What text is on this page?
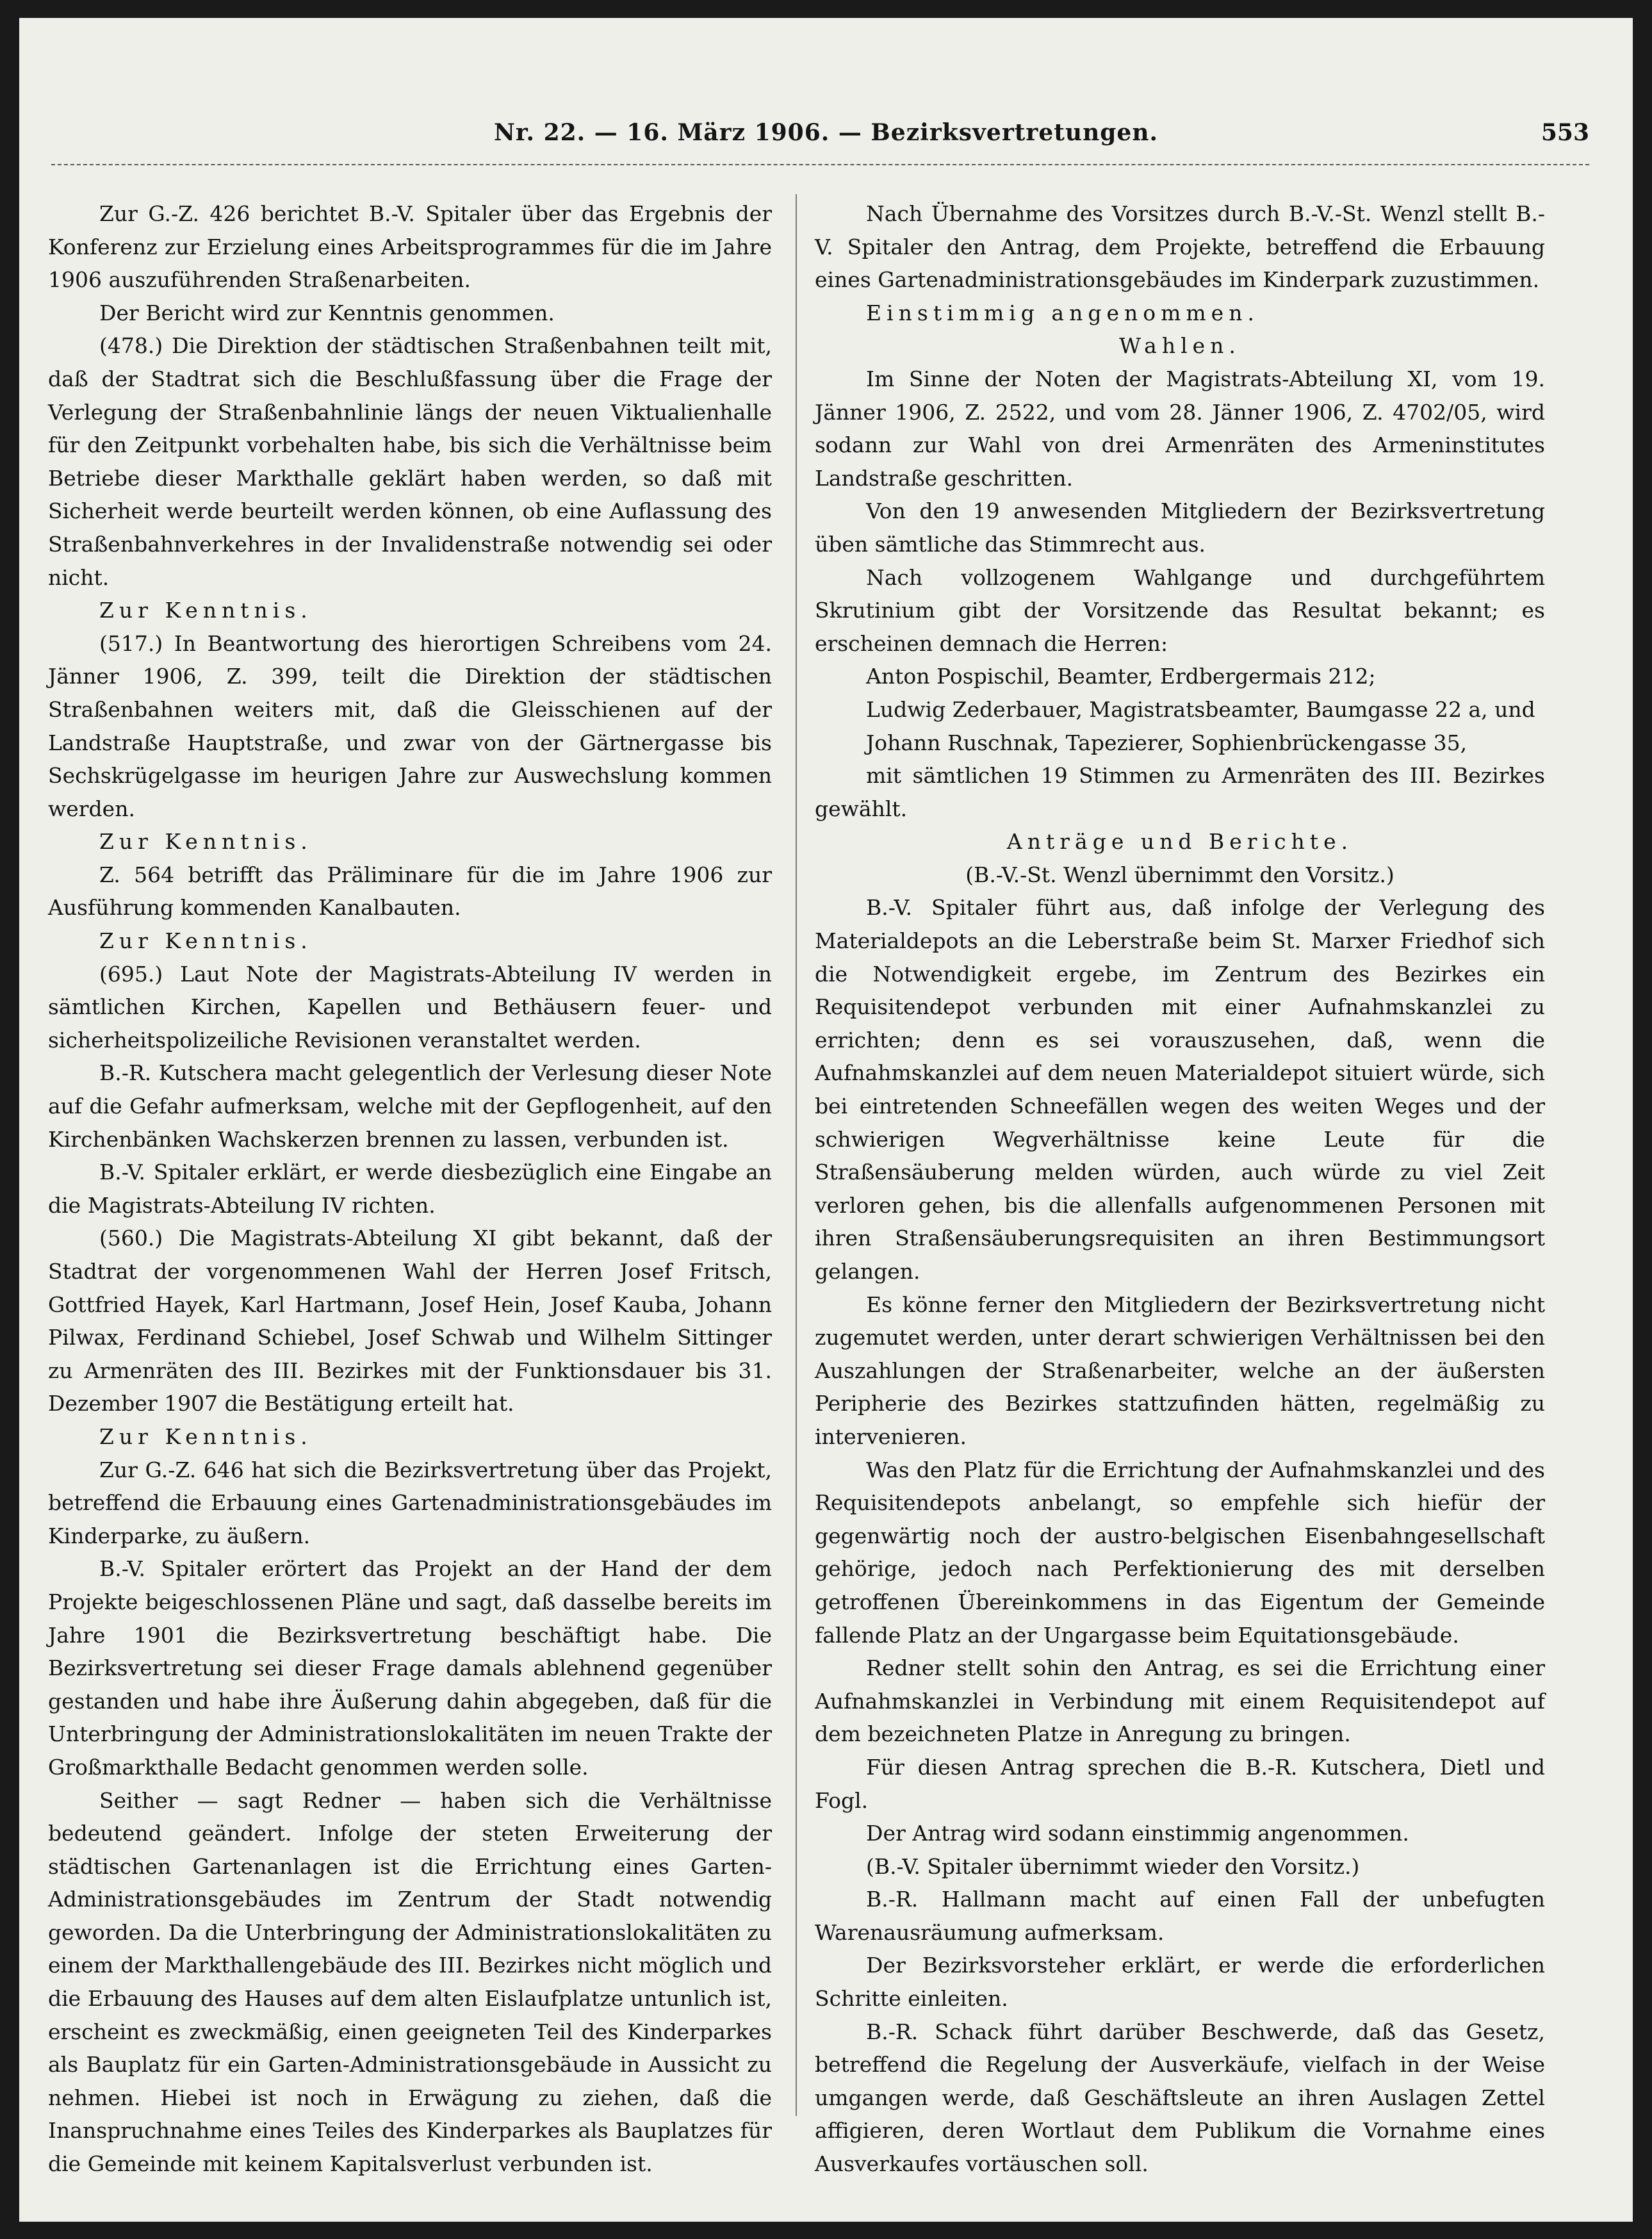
Nr. 22. — 16. März 1906. — Bezirksvertretungen.	553

Zur G.-Z. 426 berichtet B.-V. Spitaler über das Ergebnis der Konferenz zur Erzielung eines Arbeitsprogrammes für die im Jahre 1906 auszuführenden Straßenarbeiten.

Der Bericht wird zur Kenntnis genommen.

(478.) Die Direktion der städtischen Straßenbahnen teilt mit, daß der Stadtrat sich die Beschlußfassung über die Frage der Verlegung der Straßenbahnlinie längs der neuen Viktualienhalle für den Zeitpunkt vorbehalten habe, bis sich die Verhältnisse beim Betriebe dieser Markthalle geklärt haben werden, so daß mit Sicherheit werde beurteilt werden können, ob eine Auflassung des Straßenbahnverkehres in der Invalidenstraße notwendig sei oder nicht.

Zur Kenntnis.

(517.) In Beantwortung des hierortigen Schreibens vom 24. Jänner 1906, Z. 399, teilt die Direktion der städtischen Straßenbahnen weiters mit, daß die Gleisschienen auf der Landstraße Hauptstraße, und zwar von der Gärtnergasse bis Sechskrügelgasse im heurigen Jahre zur Auswechslung kommen werden.

Zur Kenntnis.

Z. 564 betrifft das Präliminare für die im Jahre 1906 zur Ausführung kommenden Kanalbauten.

Zur Kenntnis.

(695.) Laut Note der Magistrats-Abteilung IV werden in sämtlichen Kirchen, Kapellen und Bethäusern feuer- und sicherheitspolizeiliche Revisionen veranstaltet werden.

B.-R. Kutschera macht gelegentlich der Verlesung dieser Note auf die Gefahr aufmerksam, welche mit der Gepflogenheit, auf den Kirchenbänken Wachskerzen brennen zu lassen, verbunden ist.

B.-V. Spitaler erklärt, er werde diesbezüglich eine Eingabe an die Magistrats-Abteilung IV richten.

(560.) Die Magistrats-Abteilung XI gibt bekannt, daß der Stadtrat der vorgenommenen Wahl der Herren Josef Fritsch, Gottfried Hayek, Karl Hartmann, Josef Hein, Josef Kauba, Johann Pilwax, Ferdinand Schiebel, Josef Schwab und Wilhelm Sittinger zu Armenräten des III. Bezirkes mit der Funktionsdauer bis 31. Dezember 1907 die Bestätigung erteilt hat.

Zur Kenntnis.

Zur G.-Z. 646 hat sich die Bezirksvertretung über das Projekt, betreffend die Erbauung eines Gartenadministrationsgebäudes im Kinderparke, zu äußern.

B.-V. Spitaler erörtert das Projekt an der Hand der dem Projekte beigeschlossenen Pläne und sagt, daß dasselbe bereits im Jahre 1901 die Bezirksvertretung beschäftigt habe. Die Bezirksvertretung sei dieser Frage damals ablehnend gegenüber gestanden und habe ihre Äußerung dahin abgegeben, daß für die Unterbringung der Administrationslokalitäten im neuen Trakte der Großmarkthalle Bedacht genommen werden solle.

Seither — sagt Redner — haben sich die Verhältnisse bedeutend geändert. Infolge der steten Erweiterung der städtischen Gartenanlagen ist die Errichtung eines Garten-Administrationsgebäudes im Zentrum der Stadt notwendig geworden. Da die Unterbringung der Administrationslokalitäten zu einem der Markthallengebäude des III. Bezirkes nicht möglich und die Erbauung des Hauses auf dem alten Eislaufplatze untunlich ist, erscheint es zweckmäßig, einen geeigneten Teil des Kinderparkes als Bauplatz für ein Garten-Administrationsgebäude in Aussicht zu nehmen. Hiebei ist noch in Erwägung zu ziehen, daß die Inanspruchnahme eines Teiles des Kinderparkes als Bauplatzes für die Gemeinde mit keinem Kapitalsverlust verbunden ist.

Nach Übernahme des Vorsitzes durch B.-V.-St. Wenzl stellt B.-V. Spitaler den Antrag, dem Projekte, betreffend die Erbauung eines Gartenadministrationsgebäudes im Kinderpark zuzustimmen.

Einstimmig angenommen.

Wahlen.

Im Sinne der Noten der Magistrats-Abteilung XI, vom 19. Jänner 1906, Z. 2522, und vom 28. Jänner 1906, Z. 4702/05, wird sodann zur Wahl von drei Armenräten des Armeninstitutes Landstraße geschritten.

Von den 19 anwesenden Mitgliedern der Bezirksvertretung üben sämtliche das Stimmrecht aus.

Nach vollzogenem Wahlgange und durchgeführtem Skrutinium gibt der Vorsitzende das Resultat bekannt; es erscheinen demnach die Herren:

Anton Pospischil, Beamter, Erdbergermais 212;

Ludwig Zederbauer, Magistratsbeamter, Baumgasse 22 a, und

Johann Ruschnak, Tapezierer, Sophienbrückengasse 35,

mit sämtlichen 19 Stimmen zu Armenräten des III. Bezirkes gewählt.

Anträge und Berichte.

(B.-V.-St. Wenzl übernimmt den Vorsitz.)

B.-V. Spitaler führt aus, daß infolge der Verlegung des Materialdepots an die Leberstraße beim St. Marxer Friedhof sich die Notwendigkeit ergebe, im Zentrum des Bezirkes ein Requisitendepot verbunden mit einer Aufnahmskanzlei zu errichten; denn es sei vorauszusehen, daß, wenn die Aufnahmskanzlei auf dem neuen Materialdepot situiert würde, sich bei eintretenden Schneefällen wegen des weiten Weges und der schwierigen Wegverhältnisse keine Leute für die Straßensäuberung melden würden, auch würde zu viel Zeit verloren gehen, bis die allenfalls aufgenommenen Personen mit ihren Straßensäuberungsrequisiten an ihren Bestimmungsort gelangen.

Es könne ferner den Mitgliedern der Bezirksvertretung nicht zugemutet werden, unter derart schwierigen Verhältnissen bei den Auszahlungen der Straßenarbeiter, welche an der äußersten Peripherie des Bezirkes stattzufinden hätten, regelmäßig zu intervenieren.

Was den Platz für die Errichtung der Aufnahmskanzlei und des Requisitendepots anbelangt, so empfehle sich hiefür der gegenwärtig noch der austro-belgischen Eisenbahngesellschaft gehörige, jedoch nach Perfektionierung des mit derselben getroffenen Übereinkommens in das Eigentum der Gemeinde fallende Platz an der Ungargasse beim Equitationsgebäude.

Redner stellt sohin den Antrag, es sei die Errichtung einer Aufnahmskanzlei in Verbindung mit einem Requisitendepot auf dem bezeichneten Platze in Anregung zu bringen.

Für diesen Antrag sprechen die B.-R. Kutschera, Dietl und Fogl.

Der Antrag wird sodann einstimmig angenommen.

(B.-V. Spitaler übernimmt wieder den Vorsitz.)

B.-R. Hallmann macht auf einen Fall der unbefugten Warenausräumung aufmerksam.

Der Bezirksvorsteher erklärt, er werde die erforderlichen Schritte einleiten.

B.-R. Schack führt darüber Beschwerde, daß das Gesetz, betreffend die Regelung der Ausverkäufe, vielfach in der Weise umgangen werde, daß Geschäftsleute an ihren Auslagen Zettel affigieren, deren Wortlaut dem Publikum die Vornahme eines Ausverkaufes vortäuschen soll.
